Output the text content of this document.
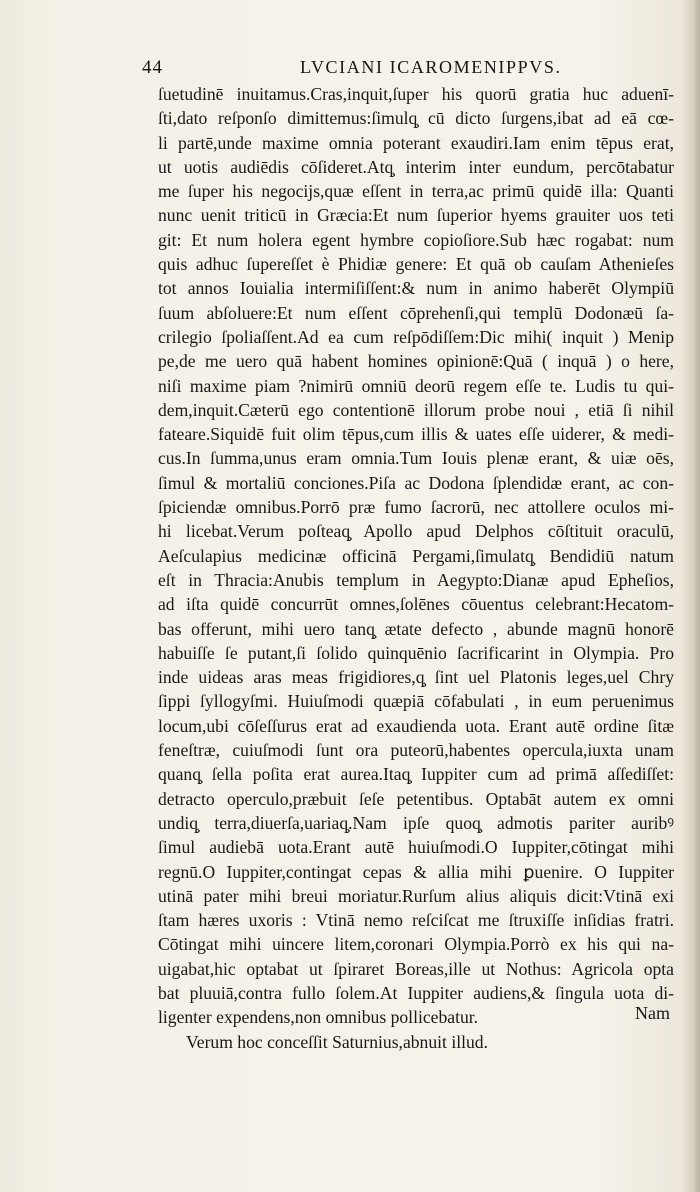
44	LVCIANI ICAROMENIPPVS.
ſuetudinē inuitamus.Cras,inquit,ſuper his quorū gratia huc aduenī-
ſti,dato reſponſo dimittemus:ſimulq̧ cū dicto ſurgens,ibat ad eā cœ-
li partē,unde maxime omnia poterant exaudiri.Iam enim tēpus erat,
ut uotis audiēdis cōſideret.Atq̧ interim inter eundum, percōtabatur
me ſuper his negocijs,quæ eſſent in terra,ac primū quidē illa: Quanti
nunc uenit triticū in Græcia:Et num ſuperior hyems grauiter uos teti
git: Et num holera egent hymbre copioſiore.Sub hæc rogabat: num
quis adhuc ſupereſſet è Phidiæ genere: Et quā ob cauſam Athenieſes
tot annos Iouialia intermiſiſſent:& num in animo haberēt Olympiū
ſuum abſoluere:Et num eſſent cōprehenſi,qui templū Dodonæū ſa-
crilegio ſpoliaſſent.Ad ea cum reſpōdiſſem:Dic mihi( inquit ) Menip
pe,de me uero quā habent homines opinionē:Quā ( inquā ) o here,
niſi maxime piam ?nimirū omniū deorū regem eſſe te. Ludis tu qui-
dem,inquit.Cæterū ego contentionē illorum probe noui , etiā ſi nihil
fateare.Siquidē fuit olim tēpus,cum illis & uates eſſe uiderer, & medi-
cus.In ſumma,unus eram omnia.Tum Iouis plenæ erant, & uiæ oēs,
ſimul & mortaliū conciones.Piſa ac Dodona ſplendidæ erant, ac con-
ſpiciendæ omnibus.Porrō præ fumo ſacrorū, nec attollere oculos mi-
hi licebat.Verum poſteaq̧ Apollo apud Delphos cōſtituit oraculū,
Aeſculapius medicinæ officinā Pergami,ſimulatq̧ Bendidiū natum
eſt in Thracia:Anubis templum in Aegypto:Dianæ apud Epheſios,
ad iſta quidē concurrūt omnes,ſolēnes cōuentus celebrant:Hecatom-
bas offerunt, mihi uero tanq̧ ætate defecto , abunde magnū honorē
habuiſſe ſe putant,ſi ſolido quinquēnio ſacrificarint in Olympia. Pro
inde uideas aras meas frigidiores,q̧ ſint uel Platonis leges,uel Chry
ſippi ſyllogyſmi. Huiuſmodi quæpiā cōfabulati , in eum peruenimus
locum,ubi cōſeſſurus erat ad exaudienda uota. Erant autē ordine ſitæ
feneſtræ, cuiuſmodi ſunt ora puteorū,habentes opercula,iuxta unam
quanq̧ ſella poſita erat aurea.Itaq̧ Iuppiter cum ad primā aſſediſſet:
detracto operculo,præbuit ſeſe petentibus. Optabāt autem ex omni
undiq̧ terra,diuerſa,uariaq̧.Nam ipſe quoq̧ admotis pariter auribꝰ
ſimul audiebā uota.Erant autē huiuſmodi.O Iuppiter,cōtingat mihi
regnū.O Iuppiter,contingat cepas & allia mihi ꝑuenire. O Iuppiter
utinā pater mihi breui moriatur.Rurſum alius aliquis dicit:Vtinā exi
ſtam hæres uxoris : Vtinā nemo reſciſcat me ſtruxiſſe inſidias fratri.
Cōtingat mihi uincere litem,coronari Olympia.Porrò ex his qui na-
uigabat,hic optabat ut ſpiraret Boreas,ille ut Nothus: Agricola opta
bat pluuiā,contra fullo ſolem.At Iuppiter audiens,& ſingula uota di-
ligenter expendens,non omnibus pollicebatur.
Verum hoc conceſſit Saturnius,abnuit illud.
Nam
